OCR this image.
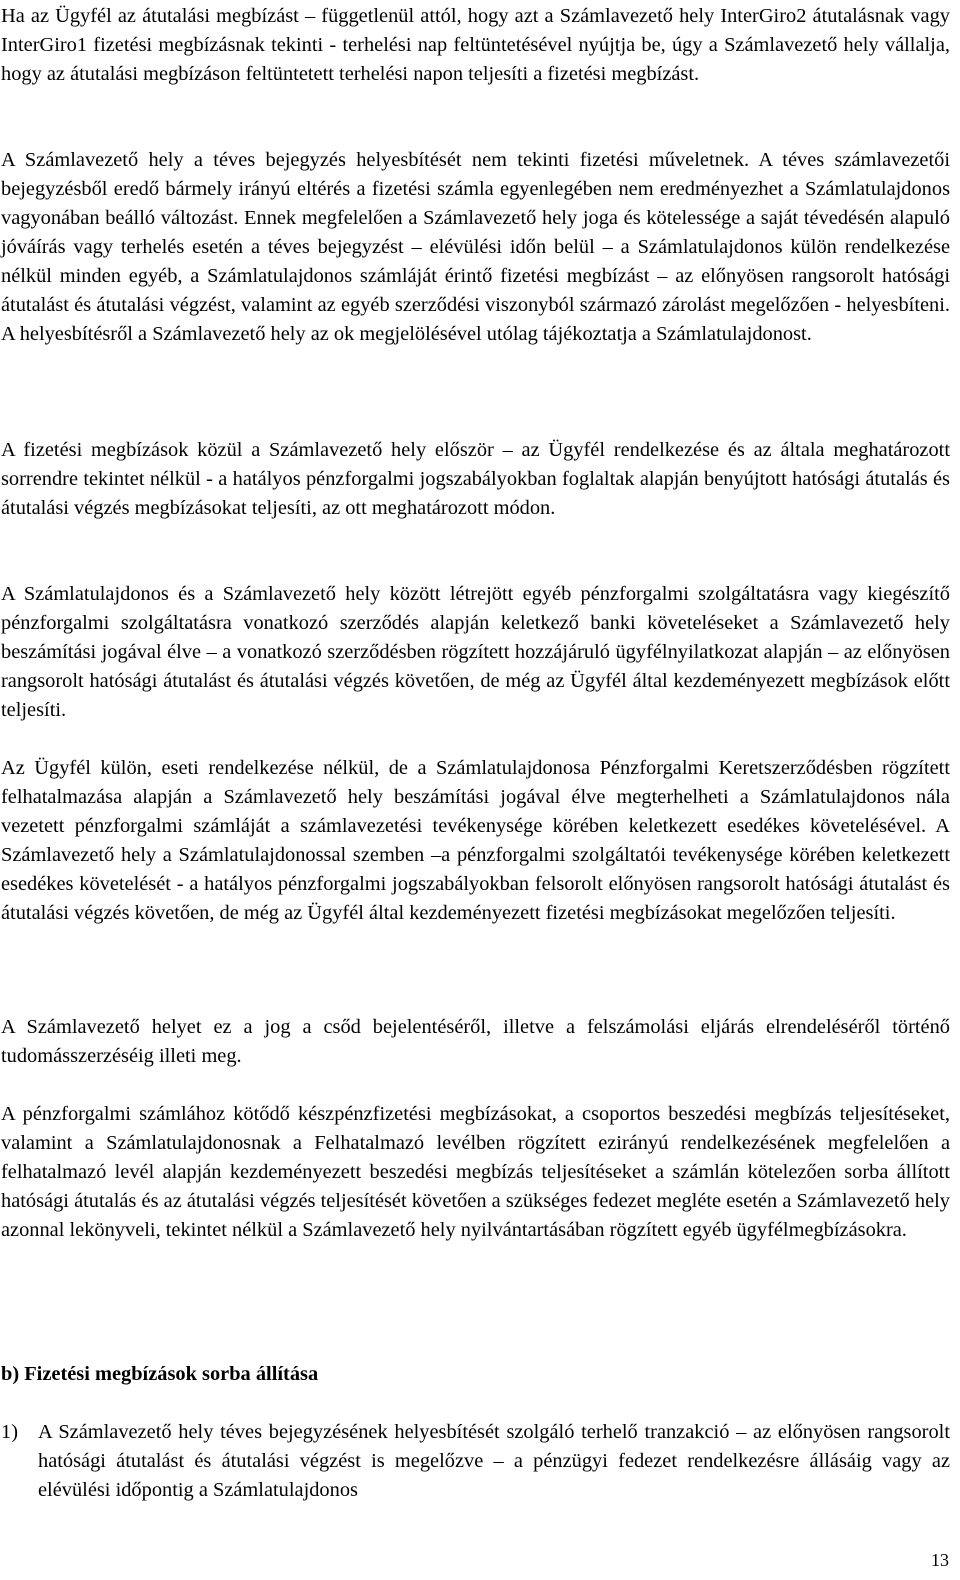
Ha az Ügyfél az átutalási megbízást – függetlenül attól, hogy azt a Számlavezető hely InterGiro2 átutalásnak vagy InterGiro1 fizetési megbízásnak tekinti - terhelési nap feltüntetésével nyújtja be, úgy a Számlavezető hely vállalja, hogy az átutalási megbízáson feltüntetett terhelési napon teljesíti a fizetési megbízást.

A Számlavezető hely a téves bejegyzés helyesbítését nem tekinti fizetési műveletnek. A téves számlavezetői bejegyzésből eredő bármely irányú eltérés a fizetési számla egyenlegében nem eredményezhet a Számlatulajdonos vagyonában beálló változást. Ennek megfelelően a Számlavezető hely joga és kötelessége a saját tévedésén alapuló jóváírás vagy terhelés esetén a téves bejegyzést – elévülési időn belül – a Számlatulajdonos külön rendelkezése nélkül minden egyéb, a Számlatulajdonos számláját érintő fizetési megbízást – az előnyösen rangsorolt hatósági átutalást és átutalási végzést, valamint az egyéb szerződési viszonyból származó zárolást megelőzően - helyesbíteni. A helyesbítésről a Számlavezető hely az ok megjelölésével utólag tájékoztatja a Számlatulajdonost.

A fizetési megbízások közül a Számlavezető hely először – az Ügyfél rendelkezése és az általa meghatározott sorrendre tekintet nélkül - a hatályos pénzforgalmi jogszabályokban foglaltak alapján benyújtott hatósági átutalás és átutalási végzés megbízásokat teljesíti, az ott meghatározott módon.

A Számlatulajdonos és a Számlavezető hely között létrejött egyéb pénzforgalmi szolgáltatásra vagy kiegészítő pénzforgalmi szolgáltatásra vonatkozó szerződés alapján keletkező banki követeléseket a Számlavezető hely beszámítási jogával élve – a vonatkozó szerződésben rögzített hozzájáruló ügyfélnyilatkozat alapján – az előnyösen rangsorolt hatósági átutalást és átutalási végzés követően, de még az Ügyfél által kezdeményezett megbízások előtt teljesíti.

Az Ügyfél külön, eseti rendelkezése nélkül, de a Számlatulajdonosa Pénzforgalmi Keretszerződésben rögzített felhatalmazása alapján a Számlavezető hely beszámítási jogával élve megterhelheti a Számlatulajdonos nála vezetett pénzforgalmi számláját a számlavezetési tevékenysége körében keletkezett esedékes követelésével. A Számlavezető hely a Számlatulajdonossal szemben –a pénzforgalmi szolgáltatói tevékenysége körében keletkezett esedékes követelését - a hatályos pénzforgalmi jogszabályokban felsorolt előnyösen rangsorolt hatósági átutalást és átutalási végzés követően, de még az Ügyfél által kezdeményezett fizetési megbízásokat megelőzően teljesíti.

A Számlavezető helyet ez a jog a csőd bejelentéséről, illetve a felszámolási eljárás elrendeléséről történő tudomásszerzéséig illeti meg.

A pénzforgalmi számlához kötődő készpénzfizetési megbízásokat, a csoportos beszedési megbízás teljesítéseket, valamint a Számlatulajdonosnak a Felhatalmazó levélben rögzített ezirányú rendelkezésének megfelelően a felhatalmazó levél alapján kezdeményezett beszedési megbízás teljesítéseket a számlán kötelezően sorba állított hatósági átutalás és az átutalási végzés teljesítését követően a szükséges fedezet megléte esetén a Számlavezető hely azonnal lekönyveli, tekintet nélkül a Számlavezető hely nyilvántartásában rögzített egyéb ügyfélmegbízásokra.

b) Fizetési megbízások sorba állítása

1) A Számlavezető hely téves bejegyzésének helyesbítését szolgáló terhelő tranzakció – az előnyösen rangsorolt hatósági átutalást és átutalási végzést is megelőzve – a pénzügyi fedezet rendelkezésre állásáig vagy az elévülési időpontig a Számlatulajdonos

13
